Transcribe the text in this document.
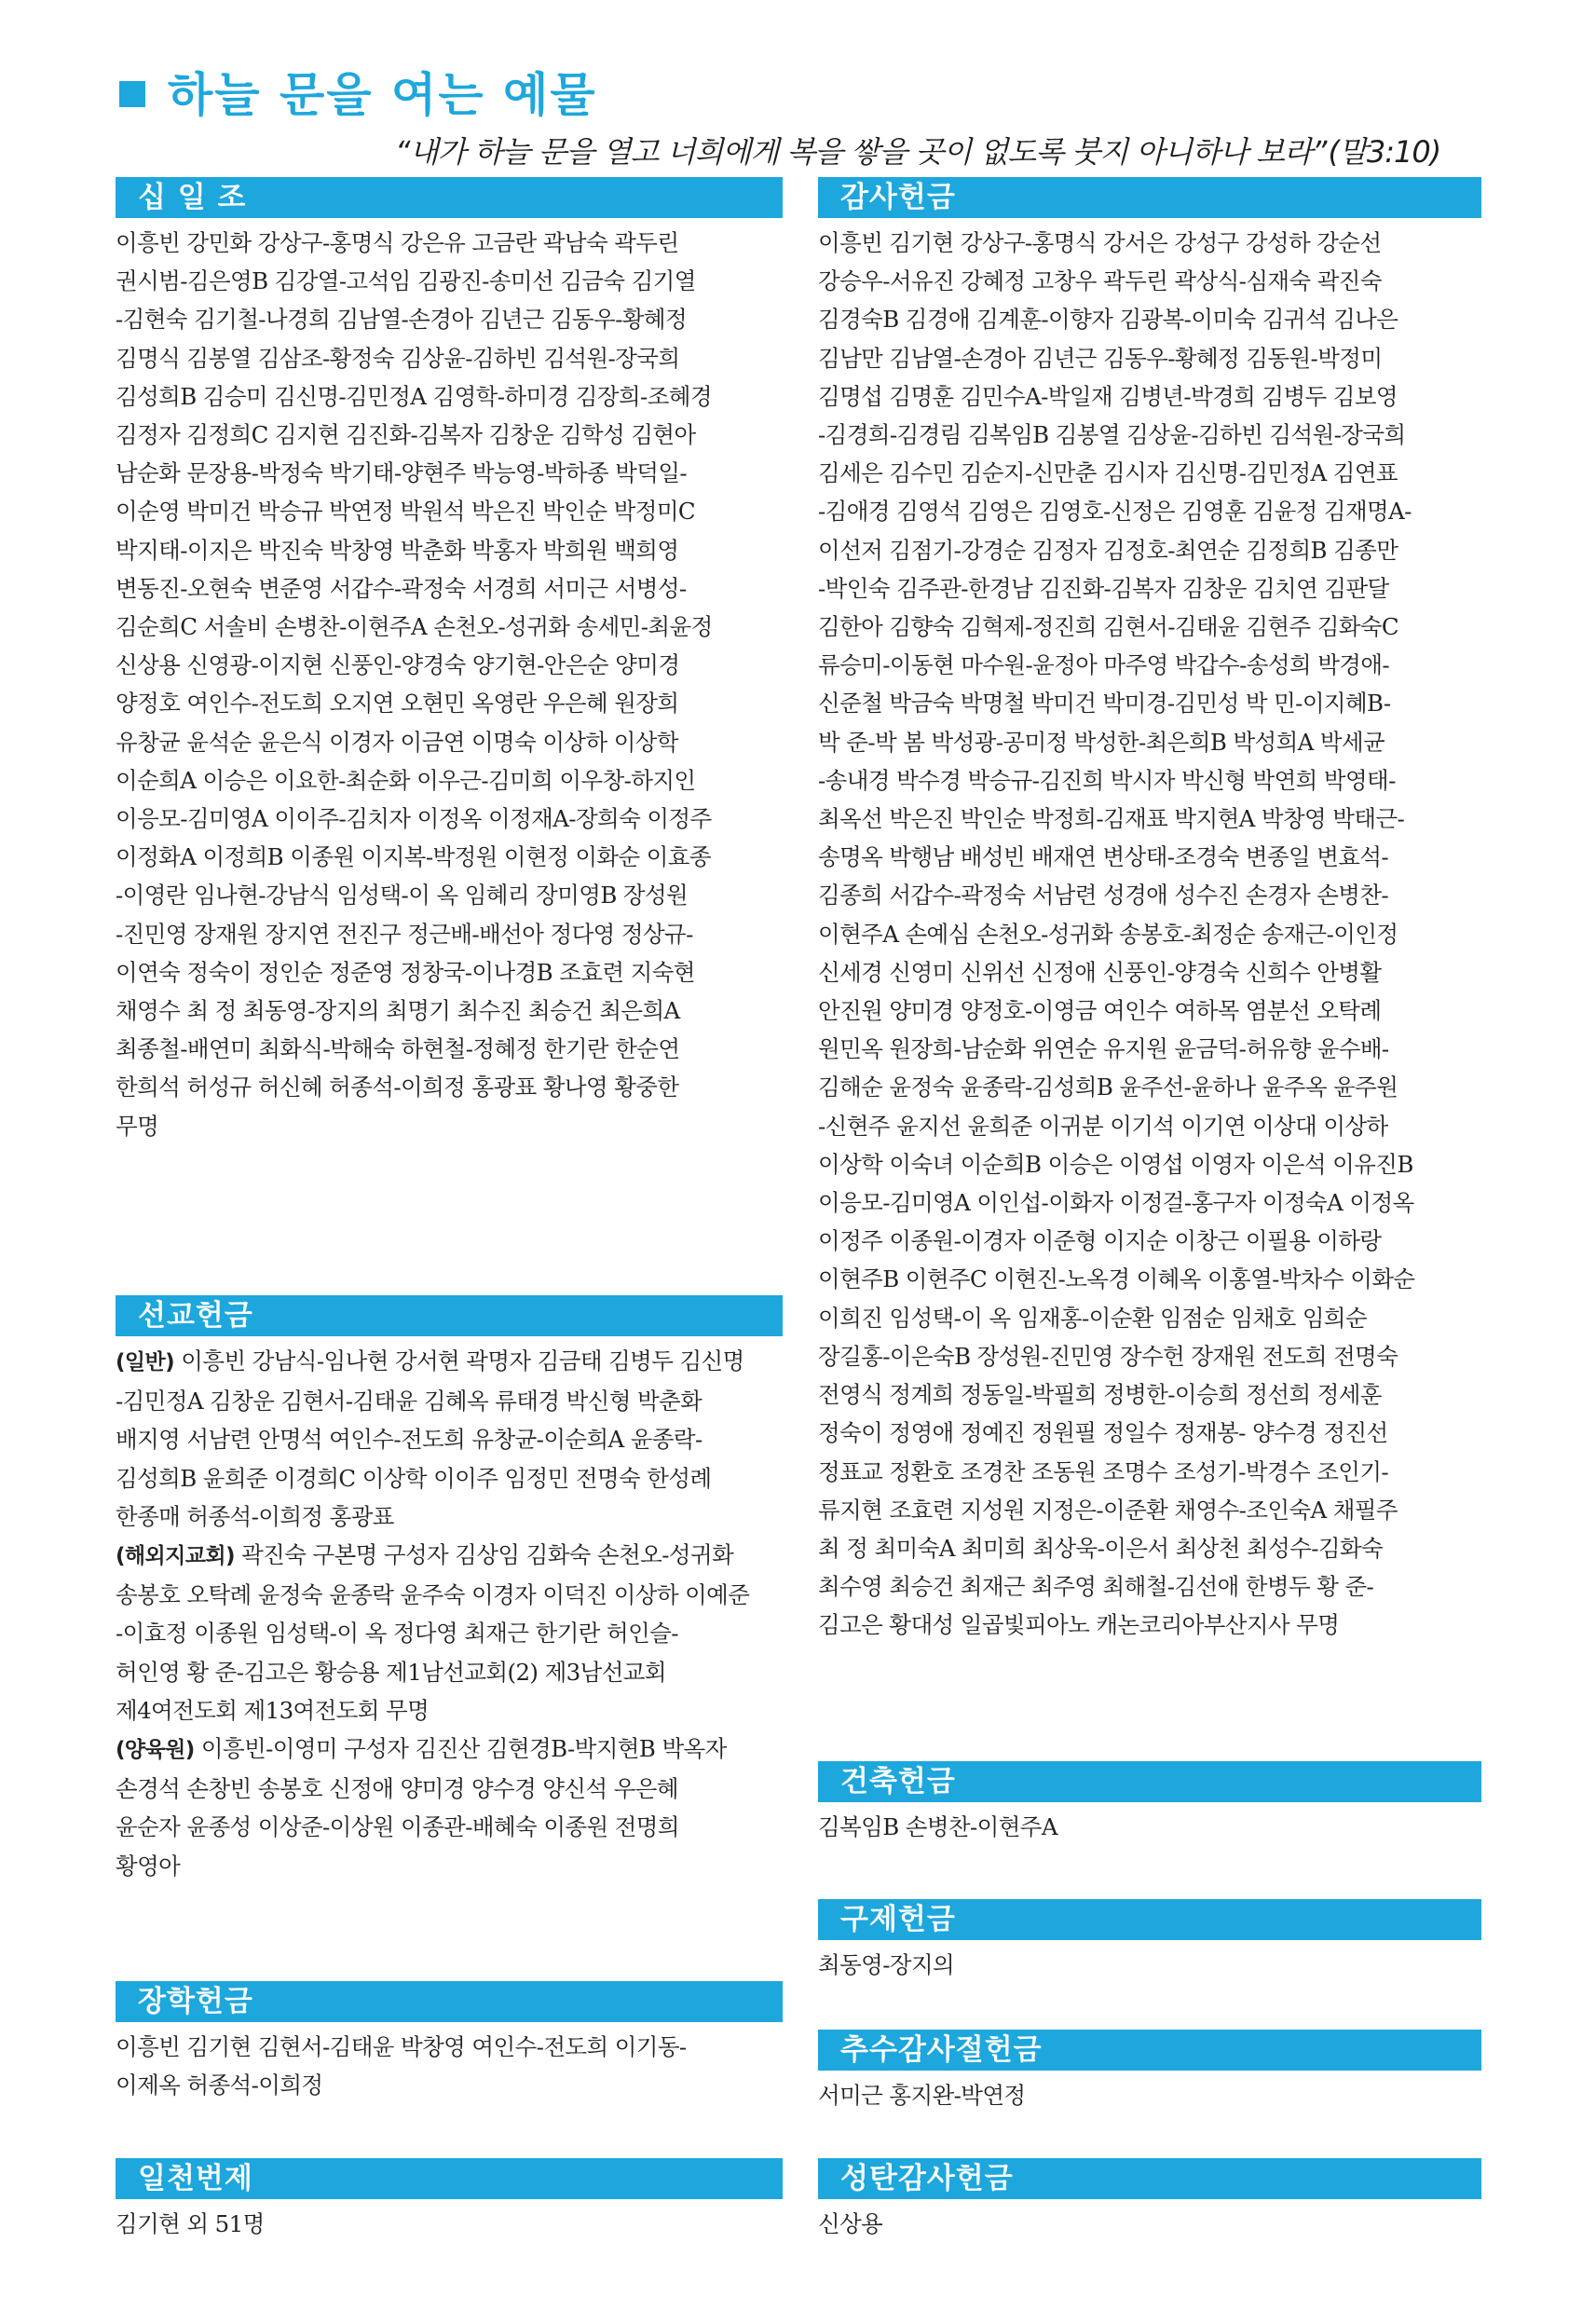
하늘 문을 여는 예물
“내가 하늘 문을 열고 너희에게 복을 쌓을 곳이 없도록 붓지 아니하나 보라”(말3:10)
십 일 조
이흥빈 강민화 강상구-홍명식 강은유 고금란 곽남숙 곽두린
권시범-김은영B 김강열-고석임 김광진-송미선 김금숙 김기열
-김현숙 김기철-나경희 김남열-손경아 김년근 김동우-황혜정
김명식 김봉열 김삼조-황정숙 김상윤-김하빈 김석원-장국희
김성희B 김승미 김신명-김민정A 김영학-하미경 김장희-조혜경
김정자 김정희C 김지현 김진화-김복자 김창운 김학성 김현아
남순화 문장용-박정숙 박기태-양현주 박능영-박하종 박덕일-
이순영 박미건 박승규 박연정 박원석 박은진 박인순 박정미C
박지태-이지은 박진숙 박창영 박춘화 박홍자 박희원 백희영
변동진-오현숙 변준영 서갑수-곽정숙 서경희 서미근 서병성-
김순희C 서솔비 손병찬-이현주A 손천오-성귀화 송세민-최윤정
신상용 신영광-이지현 신풍인-양경숙 양기현-안은순 양미경
양정호 여인수-전도희 오지연 오현민 옥영란 우은혜 원장희
유창균 윤석순 윤은식 이경자 이금연 이명숙 이상하 이상학
이순희A 이승은 이요한-최순화 이우근-김미희 이우창-하지인
이응모-김미영A 이이주-김치자 이정옥 이정재A-장희숙 이정주
이정화A 이정희B 이종원 이지복-박정원 이현정 이화순 이효종
-이영란 임나현-강남식 임성택-이 옥 임혜리 장미영B 장성원
-진민영 장재원 장지연 전진구 정근배-배선아 정다영 정상규-
이연숙 정숙이 정인순 정준영 정창국-이나경B 조효련 지숙현
채영수 최 정 최동영-장지의 최명기 최수진 최승건 최은희A
최종철-배연미 최화식-박해숙 하현철-정혜정 한기란 한순연
한희석 허성규 허신혜 허종석-이희정 홍광표 황나영 황중한
무명
선교헌금
(일반) 이흥빈 강남식-임나현 강서현 곽명자 김금태 김병두 김신명
-김민정A 김창운 김현서-김태윤 김혜옥 류태경 박신형 박춘화
배지영 서남련 안명석 여인수-전도희 유창균-이순희A 윤종락-
김성희B 윤희준 이경희C 이상학 이이주 임정민 전명숙 한성례
한종매 허종석-이희정 홍광표
(해외지교회) 곽진숙 구본명 구성자 김상임 김화숙 손천오-성귀화
송봉호 오탁례 윤정숙 윤종락 윤주숙 이경자 이덕진 이상하 이예준
-이효정 이종원 임성택-이 옥 정다영 최재근 한기란 허인슬-
허인영 황 준-김고은 황승용 제1남선교회(2) 제3남선교회
제4여전도회 제13여전도회 무명
(양육원) 이흥빈-이영미 구성자 김진산 김현경B-박지현B 박옥자
손경석 손창빈 송봉호 신정애 양미경 양수경 양신석 우은혜
윤순자 윤종성 이상준-이상원 이종관-배혜숙 이종원 전명희
황영아
장학헌금
이흥빈 김기현 김현서-김태윤 박창영 여인수-전도희 이기동-
이제옥 허종석-이희정
일천번제
김기현 외 51명
감사헌금
이흥빈 김기현 강상구-홍명식 강서은 강성구 강성하 강순선
강승우-서유진 강혜정 고창우 곽두린 곽상식-심재숙 곽진숙
김경숙B 김경애 김계훈-이향자 김광복-이미숙 김귀석 김나은
김남만 김남열-손경아 김년근 김동우-황혜정 김동원-박정미
김명섭 김명훈 김민수A-박일재 김병년-박경희 김병두 김보영
-김경희-김경림 김복임B 김봉열 김상윤-김하빈 김석원-장국희
김세은 김수민 김순지-신만춘 김시자 김신명-김민정A 김연표
-김애경 김영석 김영은 김영호-신정은 김영훈 김윤정 김재명A-
이선저 김점기-강경순 김정자 김정호-최연순 김정희B 김종만
-박인숙 김주관-한경남 김진화-김복자 김창운 김치연 김판달
김한아 김향숙 김혁제-정진희 김현서-김태윤 김현주 김화숙C
류승미-이동현 마수원-윤정아 마주영 박갑수-송성희 박경애-
신준철 박금숙 박명철 박미건 박미경-김민성 박 민-이지혜B-
박 준-박 봄 박성광-공미정 박성한-최은희B 박성희A 박세균
-송내경 박수경 박승규-김진희 박시자 박신형 박연희 박영태-
최옥선 박은진 박인순 박정희-김재표 박지현A 박창영 박태근-
송명옥 박행남 배성빈 배재연 변상태-조경숙 변종일 변효석-
김종희 서갑수-곽정숙 서남련 성경애 성수진 손경자 손병찬-
이현주A 손예심 손천오-성귀화 송봉호-최정순 송재근-이인정
신세경 신영미 신위선 신정애 신풍인-양경숙 신희수 안병활
안진원 양미경 양정호-이영금 여인수 여하목 염분선 오탁례
원민옥 원장희-남순화 위연순 유지원 윤금덕-허유향 윤수배-
김해순 윤정숙 윤종락-김성희B 윤주선-윤하나 윤주옥 윤주원
-신현주 윤지선 윤희준 이귀분 이기석 이기연 이상대 이상하
이상학 이숙녀 이순희B 이승은 이영섭 이영자 이은석 이유진B
이응모-김미영A 이인섭-이화자 이정걸-홍구자 이정숙A 이정옥
이정주 이종원-이경자 이준형 이지순 이창근 이필용 이하랑
이현주B 이현주C 이현진-노옥경 이혜옥 이홍열-박차수 이화순
이희진 임성택-이 옥 임재홍-이순환 임점순 임채호 임희순
장길홍-이은숙B 장성원-진민영 장수헌 장재원 전도희 전명숙
전영식 정계희 정동일-박필희 정병한-이승희 정선희 정세훈
정숙이 정영애 정예진 정원필 정일수 정재봉- 양수경 정진선
정표교 정환호 조경찬 조동원 조명수 조성기-박경수 조인기-
류지현 조효련 지성원 지정은-이준환 채영수-조인숙A 채필주
최 정 최미숙A 최미희 최상욱-이은서 최상천 최성수-김화숙
최수영 최승건 최재근 최주영 최해철-김선애 한병두 황 준-
김고은 황대성 일곱빛피아노 캐논코리아부산지사 무명
건축헌금
김복임B 손병찬-이현주A
구제헌금
최동영-장지의
추수감사절헌금
서미근 홍지완-박연정
성탄감사헌금
신상용
